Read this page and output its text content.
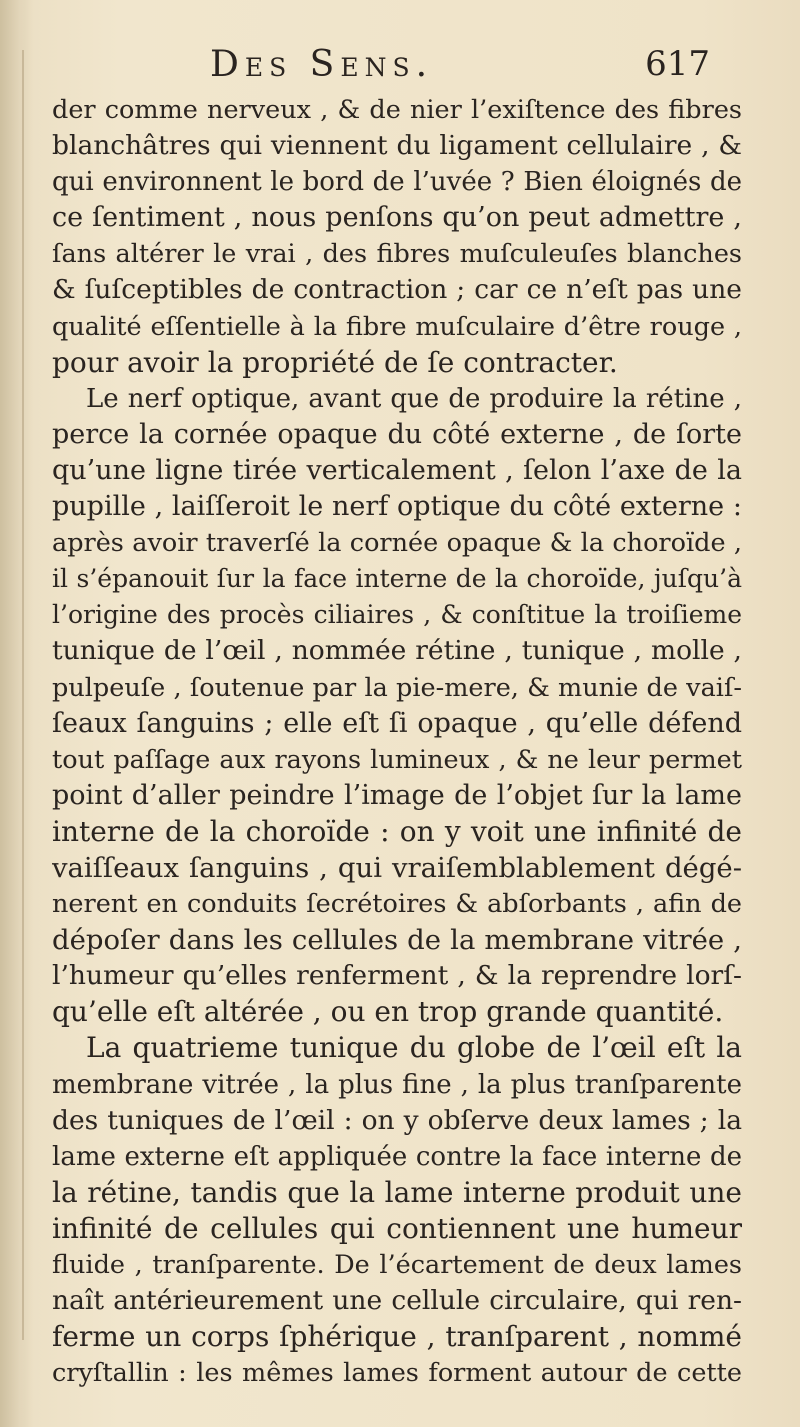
Des Sens.	617
der comme nerveux , & de nier l’exiſtence des fibres
blanchâtres qui viennent du ligament cellulaire , &
qui environnent le bord de l’uvée ? Bien éloignés de
ce ſentiment , nous penſons qu’on peut admettre ,
ſans altérer le vrai , des fibres muſculeuſes blanches
& ſuſceptibles de contraction ; car ce n’eſt pas une
qualité eſſentielle à la fibre muſculaire d’être rouge ,
pour avoir la propriété de ſe contracter.
Le nerf optique, avant que de produire la rétine ,
perce la cornée opaque du côté externe , de ſorte
qu’une ligne tirée verticalement , ſelon l’axe de la
pupille , laiſſeroit le nerf optique du côté externe :
après avoir traverſé la cornée opaque & la choroïde ,
il s’épanouit ſur la face interne de la choroïde, juſqu’à
l’origine des procès ciliaires , & conſtitue la troiſieme
tunique de l’œil , nommée rétine , tunique , molle ,
pulpeuſe , ſoutenue par la pie-mere, & munie de vaiſ-
ſeaux ſanguins ; elle eſt ſi opaque , qu’elle défend
tout paſſage aux rayons lumineux , & ne leur permet
point d’aller peindre l’image de l’objet ſur la lame
interne de la choroïde : on y voit une infinité de
vaiſſeaux ſanguins , qui vraiſemblablement dégé-
nerent en conduits ſecrétoires & abſorbants , afin de
dépoſer dans les cellules de la membrane vitrée ,
l’humeur qu’elles renferment , & la reprendre lorſ-
qu’elle eſt altérée , ou en trop grande quantité.
La quatrieme tunique du globe de l’œil eſt la
membrane vitrée , la plus fine , la plus tranſparente
des tuniques de l’œil : on y obſerve deux lames ; la
lame externe eſt appliquée contre la face interne de
la rétine, tandis que la lame interne produit une
infinité de cellules qui contiennent une humeur
fluide , tranſparente. De l’écartement de deux lames
naît antérieurement une cellule circulaire, qui ren-
ferme un corps ſphérique , tranſparent , nommé
cryſtallin : les mêmes lames forment autour de cette
